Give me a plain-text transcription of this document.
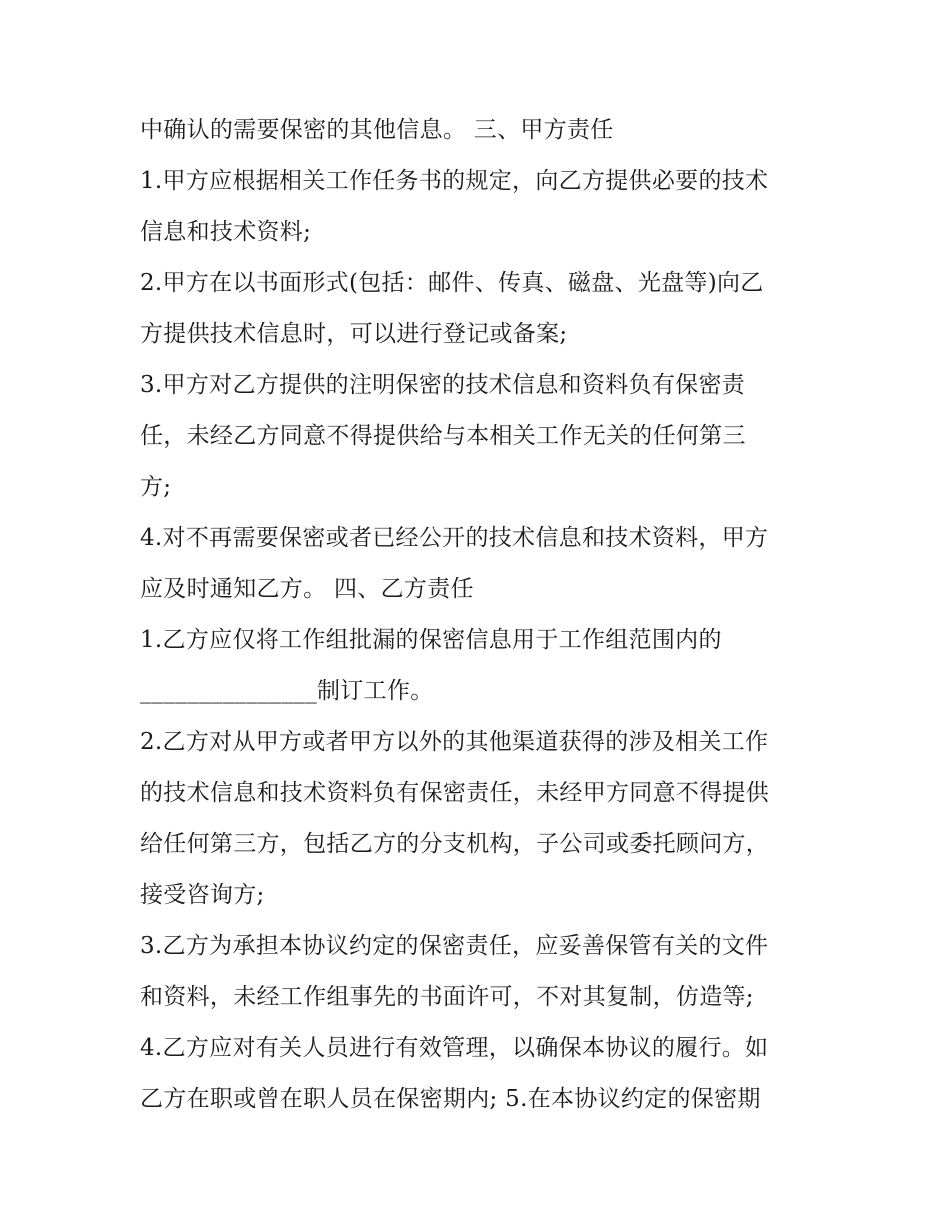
中确认的需要保密的其他信息。 三、甲方责任
1.甲方应根据相关工作任务书的规定，向乙方提供必要的技术
信息和技术资料;
2.甲方在以书面形式(包括：邮件、传真、磁盘、光盘等)向乙
方提供技术信息时，可以进行登记或备案;
3.甲方对乙方提供的注明保密的技术信息和资料负有保密责
任，未经乙方同意不得提供给与本相关工作无关的任何第三
方;
4.对不再需要保密或者已经公开的技术信息和技术资料，甲方
应及时通知乙方。 四、乙方责任
1.乙方应仅将工作组批漏的保密信息用于工作组范围内的
_______________制订工作。
2.乙方对从甲方或者甲方以外的其他渠道获得的涉及相关工作
的技术信息和技术资料负有保密责任，未经甲方同意不得提供
给任何第三方，包括乙方的分支机构，子公司或委托顾问方，
接受咨询方;
3.乙方为承担本协议约定的保密责任，应妥善保管有关的文件
和资料，未经工作组事先的书面许可，不对其复制，仿造等;
4.乙方应对有关人员进行有效管理，以确保本协议的履行。如
乙方在职或曾在职人员在保密期内; 5.在本协议约定的保密期
